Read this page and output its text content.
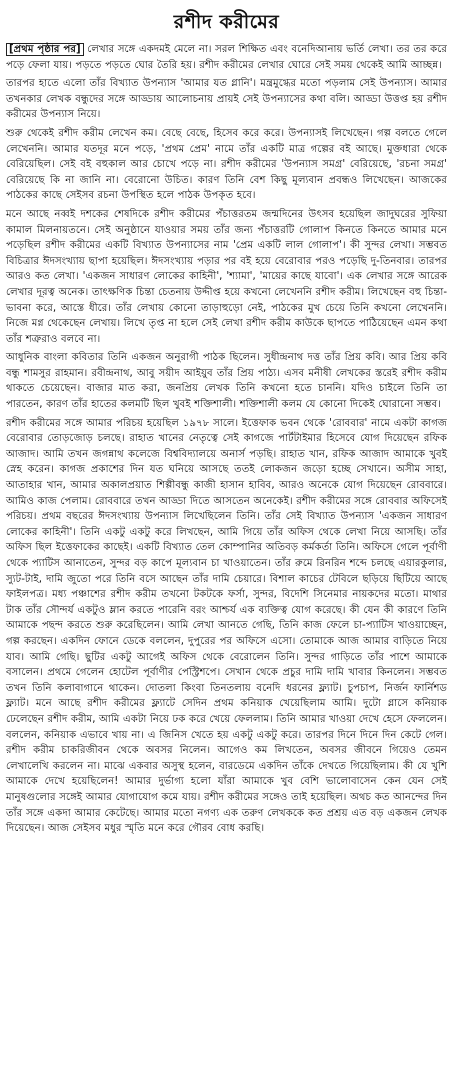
রশীদ করীমের

[প্রথম পৃষ্ঠার পর] লেখার সঙ্গে একদমই মেলে না। সরল শিক্ষিত এবং বনেদিআনায় ভর্তি লেখা। তর তর করে পড়ে ফেলা যায়। পড়তে পড়তে ঘোর তৈরি হয়। রশীদ করীমের লেখার ঘোরে সেই সময় থেকেই আমি আচ্ছন্ন।

তারপর হাতে এলো তাঁর বিখ্যাত উপন্যাস 'আমার যত গ্লানি'। মন্ত্রমুগ্ধের মতো পড়লাম সেই উপন্যাস। আমার তখনকার লেখক বন্ধুদের সঙ্গে আড্ডায় আলোচনায় প্রায়ই সেই উপন্যাসের কথা বলি। আড্ডা উত্তপ্ত হয় রশীদ করীমের উপন্যাস নিয়ে।

শুরু থেকেই রশীদ করীম লেখেন কম। বেছে বেছে, হিসেব করে করে। উপন্যাসই লিখেছেন। গল্প বলতে গেলে লেখেননি। আমার যতদূর মনে পড়ে, 'প্রথম প্রেম' নামে তাঁর একটি মাত্র গল্পের বই আছে। মুক্তধারা থেকে বেরিয়েছিল। সেই বই বহুকাল আর চোখে পড়ে না। রশীদ করীমের 'উপন্যাস সমগ্র' বেরিয়েছে, 'রচনা সমগ্র' বেরিয়েছে কি না জানি না। বেরোনো উচিত। কারণ তিনি বেশ কিছু মূল্যবান প্রবন্ধও লিখেছেন। আজকের পাঠকের কাছে সেইসব রচনা উপস্থিত হলে পাঠক উপকৃত হবে।

মনে আছে নব্বই দশকের শেষদিকে রশীদ করীমের পঁচাত্তরতম জন্মদিনের উৎসব হয়েছিল জাদুঘরের সুফিয়া কামাল মিলনায়তনে। সেই অনুষ্ঠানে যাওয়ার সময় তাঁর জন্য পঁচাত্তরটি গোলাপ কিনতে কিনতে আমার মনে পড়েছিল রশীদ করীমের একটি বিখ্যাত উপন্যাসের নাম 'প্রেম একটি লাল গোলাপ'। কী সুন্দর লেখা। সম্ভবত বিচিত্রার ঈদসংখ্যায় ছাপা হয়েছিল। ঈদসংখ্যায় পড়ার পর বই হয়ে বেরোবার পরও পড়েছি দু-তিনবার। তারপর আরও কত লেখা। 'একজন সাধারণ লোকের কাহিনী', 'শ্যামা', 'মায়ের কাছে যাবো'। এক লেখার সঙ্গে আরেক লেখার দূরত্ব অনেক। তাৎক্ষণিক চিন্তা চেতনায় উদ্দীপ্ত হয়ে কখনো লেখেননি রশীদ করীম। লিখেছেন বহু চিন্তা-ভাবনা করে, আস্তে ধীরে। তাঁর লেখায় কোনো তাড়াহুড়ো নেই, পাঠকের মুখ চেয়ে তিনি কখনো লেখেননি। নিজে মগ্ন থেকেছেন লেখায়। লিখে তৃপ্ত না হলে সেই লেখা রশীদ করীম কাউকে ছাপতে পাঠিয়েছেন এমন কথা তাঁর শত্রুরাও বলবে না।

আধুনিক বাংলা কবিতার তিনি একজন অনুরাগী পাঠক ছিলেন। সুধীন্দ্রনাথ দত্ত তাঁর প্রিয় কবি। আর প্রিয় কবি বন্ধু শামসুর রাহমান। রবীন্দ্রনাথ, আবু সয়ীদ আইয়ুব তাঁর প্রিয় পাঠ্য। এসব মনীষী লেখকের স্তরেই রশীদ করীম থাকতে চেয়েছেন। বাজার মাত করা, জনপ্রিয় লেখক তিনি কখনো হতে চাননি। যদিও চাইলে তিনি তা পারতেন, কারণ তাঁর হাতের কলমটি ছিল খুবই শক্তিশালী। শক্তিশালী কলম যে কোনো দিকেই ঘোরানো সম্ভব।

রশীদ করীমের সঙ্গে আমার পরিচয় হয়েছিল ১৯৭৮ সালে। ইত্তেফাক ভবন থেকে 'রোববার' নামে একটা কাগজ বেরোবার তোড়জোড় চলছে। রাহাত খানের নেতৃত্বে সেই কাগজে পার্টটাইমার হিসেবে যোগ দিয়েছেন রফিক আজাদ। আমি তখন জগন্নাথ কলেজে বিশ্ববিদ্যালয়ে অনার্স পড়ছি। রাহাত খান, রফিক আজাদ আমাকে খুবই স্নেহ করেন। কাগজ প্রকাশের দিন যত ঘনিয়ে আসছে ততই লোকজন জড়ো হচ্ছে সেখানে। অসীম সাহা, আতাহার খান, আমার অকালপ্রয়াত শিল্পীবন্ধু কাজী হাসান হাবিব, আরও অনেকে যোগ দিয়েছেন রোববারে। আমিও কাজ পেলাম। রোববারে তখন আড্ডা দিতে আসতেন অনেকেই। রশীদ করীমের সঙ্গে রোববার অফিসেই পরিচয়। প্রথম বছরের ঈদসংখ্যায় উপন্যাস লিখেছিলেন তিনি। তাঁর সেই বিখ্যাত উপন্যাস 'একজন সাধারণ লোকের কাহিনী'। তিনি একটু একটু করে লিখছেন, আমি গিয়ে তাঁর অফিস থেকে লেখা নিয়ে আসছি। তাঁর অফিস ছিল ইত্তেফাকের কাছেই। একটি বিখ্যাত তেল কোম্পানির অতিবড় কর্মকর্তা তিনি। অফিসে গেলে পূর্বাণী থেকে প্যাটিস আনাতেন, সুন্দর বড় কাপে মূল্যবান চা খাওয়াতেন। তাঁর রুমে রিনরিন শব্দে চলছে এয়ারকুলার, স্যুট-টাই, দামি জুতো পরে তিনি বসে আছেন তাঁর দামি চেয়ারে। বিশাল কাচের টেবিলে ছড়িয়ে ছিটিয়ে আছে ফাইলপত্র। মধ্য পঞ্চাশের রশীদ করীম তখনো টকটকে ফর্সা, সুন্দর, বিদেশি সিনেমার নায়কদের মতো। মাথার টাক তাঁর সৌন্দর্য একটুও ম্লান করতে পারেনি বরং আশ্চর্য এক ব্যক্তিত্ব যোগ করেছে। কী যেন কী কারণে তিনি আমাকে পছন্দ করতে শুরু করেছিলেন। আমি লেখা আনতে গেছি, তিনি কাজ ফেলে চা-প্যাটিস খাওয়াচ্ছেন, গল্প করছেন। একদিন ফোনে ডেকে বললেন, দুপুরের পর অফিসে এসো। তোমাকে আজ আমার বাড়িতে নিয়ে যাব। আমি গেছি। ছুটির একটু আগেই অফিস থেকে বেরোলেন তিনি। সুন্দর গাড়িতে তাঁর পাশে আমাকে বসালেন। প্রথমে গেলেন হোটেল পূর্বাণীর পেস্ট্রিশপে। সেখান থেকে প্রচুর দামি দামি খাবার কিনলেন। সম্ভবত তখন তিনি কলাবাগানে থাকেন। দোতলা কিংবা তিনতলায় বনেদি ধরনের ফ্ল্যাট। চুপচাপ, নির্জন ফার্নিশড ফ্ল্যাট। মনে আছে রশীদ করীমের ফ্ল্যাটে সেদিন প্রথম কনিয়াক খেয়েছিলাম আমি। দুটো গ্লাসে কনিয়াক ঢেলেছেন রশীদ করীম, আমি একটা নিয়ে ঢক করে খেয়ে ফেললাম। তিনি আমার খাওয়া দেখে হেসে ফেললেন। বললেন, কনিয়াক এভাবে খায় না। এ জিনিস খেতে হয় একটু একটু করে। তারপর দিনে দিনে দিন কেটে গেল। রশীদ করীম চাকরিজীবন থেকে অবসর নিলেন। আগেও কম লিখতেন, অবসর জীবনে গিয়েও তেমন লেখালেখি করলেন না। মাঝে একবার অসুস্থ হলেন, বারডেমে একদিন তাঁকে দেখতে গিয়েছিলাম। কী যে খুশি আমাকে দেখে হয়েছিলেন! আমার দুর্ভাগ্য হলো যাঁরা আমাকে খুব বেশি ভালোবাসেন কেন যেন সেই মানুষগুলোর সঙ্গেই আমার যোগাযোগ কমে যায়। রশীদ করীমের সঙ্গেও তাই হয়েছিল। অথচ কত আনন্দের দিন তাঁর সঙ্গে একদা আমার কেটেছে। আমার মতো নগণ্য এক তরুণ লেখককে কত প্রশ্রয় এত বড় একজন লেখক দিয়েছেন। আজ সেইসব মধুর স্মৃতি মনে করে গৌরব বোধ করছি।
